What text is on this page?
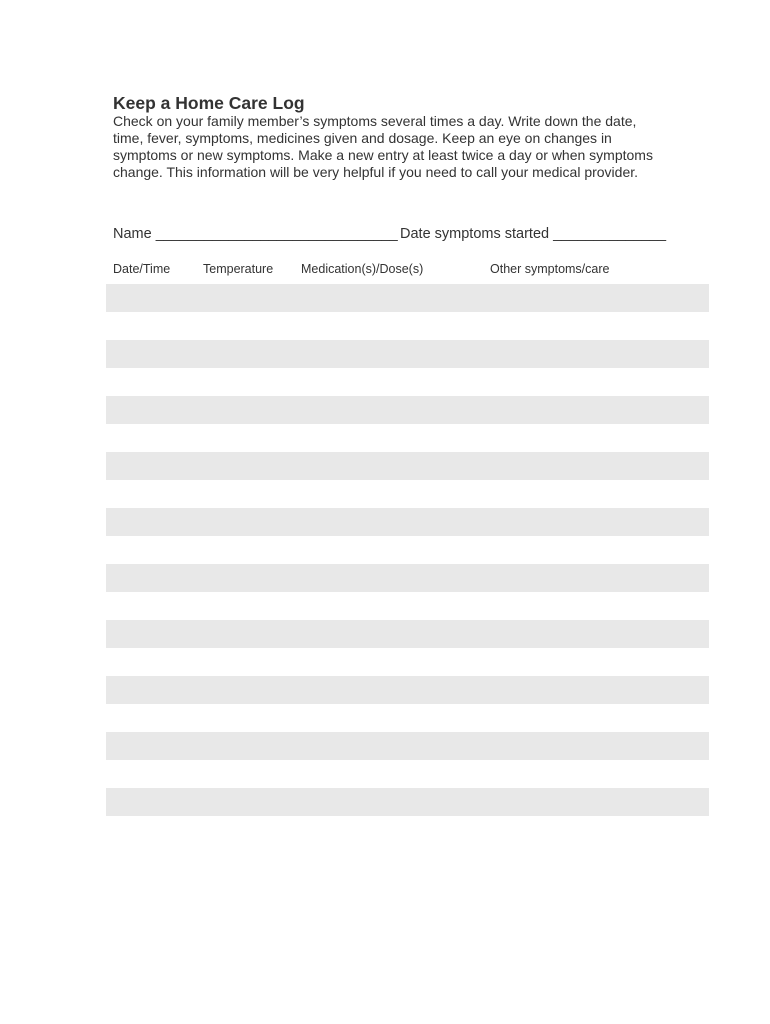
Keep a Home Care Log
Check on your family member’s symptoms several times a day. Write down the date,
time, fever, symptoms, medicines given and dosage. Keep an eye on changes in
symptoms or new symptoms. Make a new entry at least twice a day or when symptoms
change. This information will be very helpful if you need to call your medical provider.
Name ______________________________ Date symptoms started ______________
Date/Time	Temperature Medication(s)/Dose(s)	Other symptoms/care
